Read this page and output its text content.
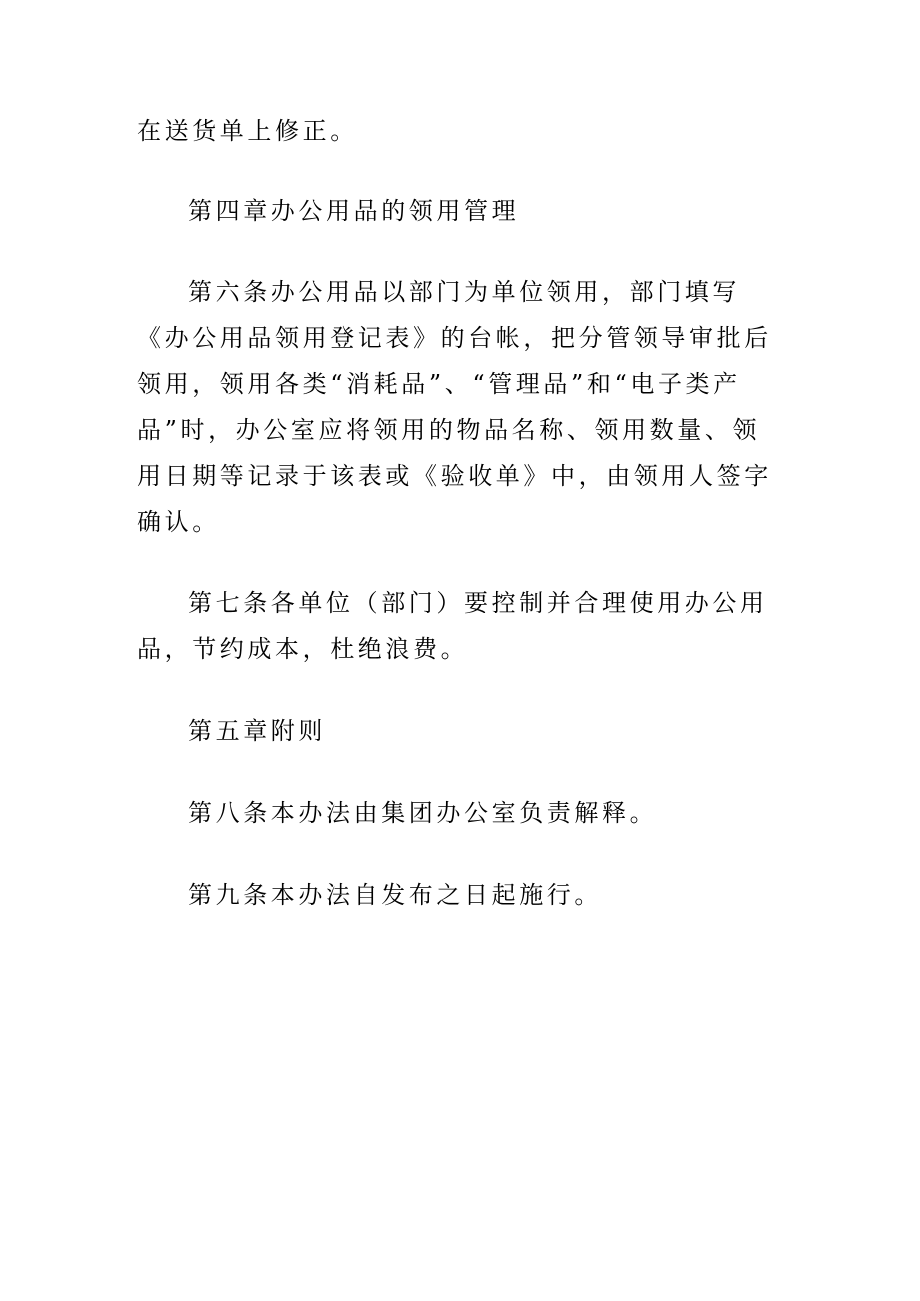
在送货单上修正。

第四章办公用品的领用管理

第六条办公用品以部门为单位领用，部门填写《办公用品领用登记表》的台帐，把分管领导审批后领用，领用各类“消耗品”、“管理品”和“电子类产品”时，办公室应将领用的物品名称、领用数量、领用日期等记录于该表或《验收单》中，由领用人签字确认。

第七条各单位（部门）要控制并合理使用办公用品，节约成本，杜绝浪费。

第五章附则

第八条本办法由集团办公室负责解释。

第九条本办法自发布之日起施行。
